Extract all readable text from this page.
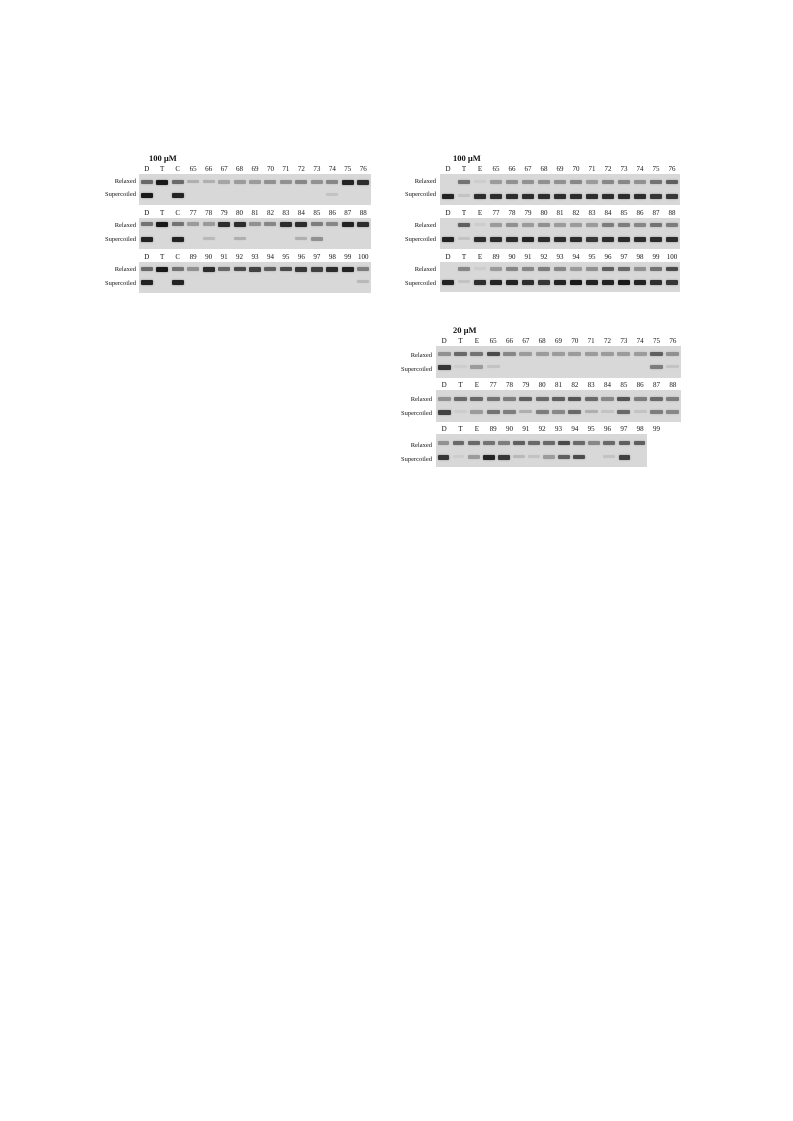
100 µM
D T C 65 66 67 68 69 70 71 72 73 74 75 76
Relaxed
Supercoiled
D T C 77 78 79 80 81 82 83 84 85 86 87 88
Relaxed
Supercoiled
D T C 89 90 91 92 93 94 95 96 97 98 99 100
Relaxed
Supercoiled
100 µM
D T E 65 66 67 68 69 70 71 72 73 74 75 76
Relaxed
Supercoiled
D T E 77 78 79 80 81 82 83 84 85 86 87 88
Relaxed
Supercoiled
D T E 89 90 91 92 93 94 95 96 97 98 99 100
Relaxed
Supercoiled
20 µM
D T E 65 66 67 68 69 70 71 72 73 74 75 76
Relaxed
Supercoiled
D T E 77 78 79 80 81 82 83 84 85 86 87 88
Relaxed
Supercoiled
D T E 89 90 91 92 93 94 95 96 97 98 99
Relaxed
Supercoiled
